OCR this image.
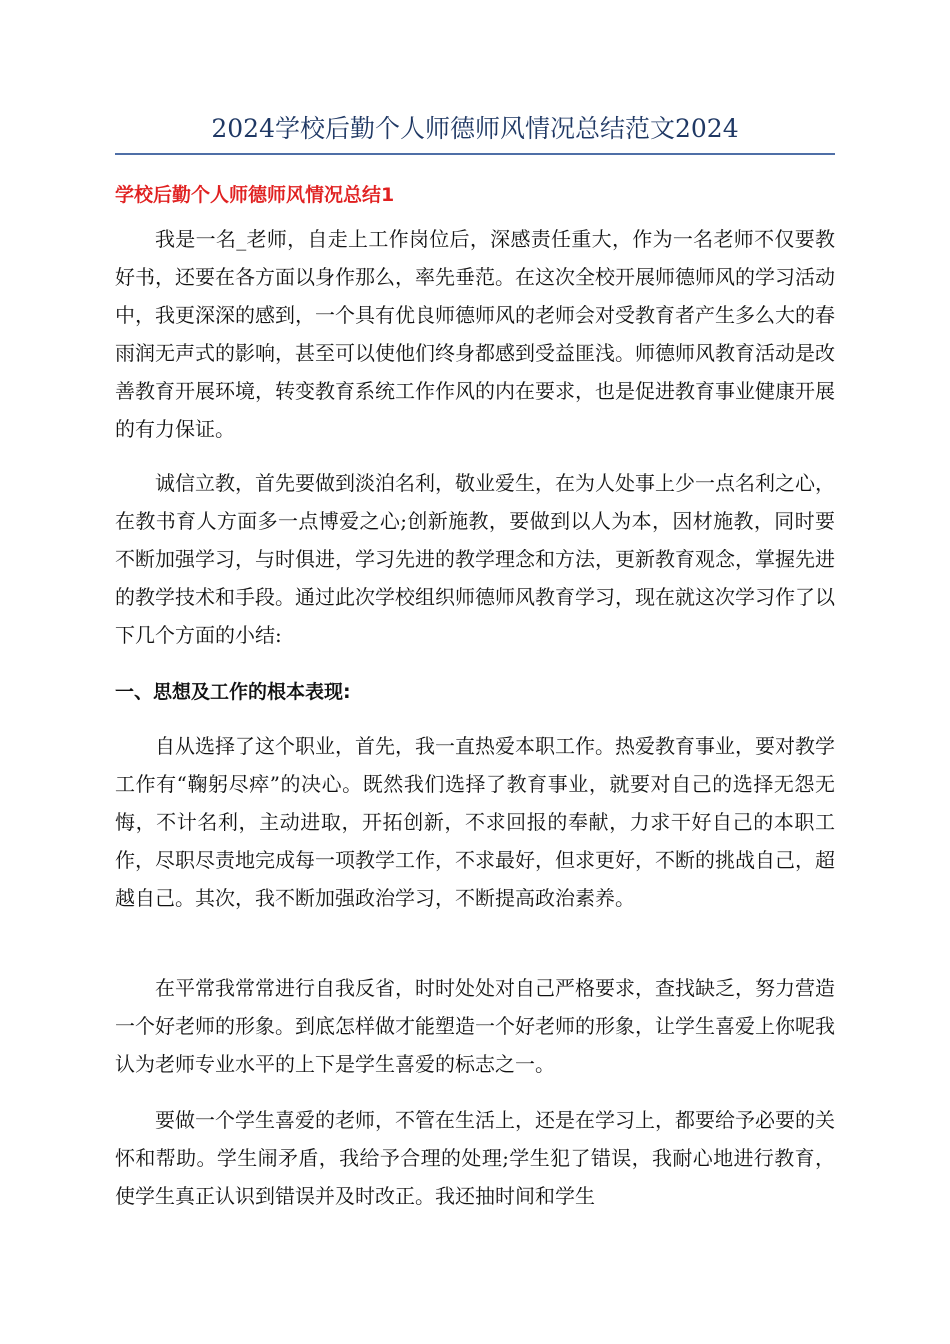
2024学校后勤个人师德师风情况总结范文2024
学校后勤个人师德师风情况总结1

我是一名_老师，自走上工作岗位后，深感责任重大，作为一名老师不仅要教好书，还要在各方面以身作那么，率先垂范。在这次全校开展师德师风的学习活动中，我更深深的感到，一个具有优良师德师风的老师会对受教育者产生多么大的春雨润无声式的影响，甚至可以使他们终身都感到受益匪浅。师德师风教育活动是改善教育开展环境，转变教育系统工作作风的内在要求，也是促进教育事业健康开展的有力保证。

诚信立教，首先要做到淡泊名利，敬业爱生，在为人处事上少一点名利之心，在教书育人方面多一点博爱之心;创新施教，要做到以人为本，因材施教，同时要不断加强学习，与时俱进，学习先进的教学理念和方法，更新教育观念，掌握先进的教学技术和手段。通过此次学校组织师德师风教育学习，现在就这次学习作了以下几个方面的小结:

一、思想及工作的根本表现:

自从选择了这个职业，首先，我一直热爱本职工作。热爱教育事业，要对教学工作有“鞠躬尽瘁”的决心。既然我们选择了教育事业，就要对自己的选择无怨无悔，不计名利，主动进取，开拓创新，不求回报的奉献，力求干好自己的本职工作，尽职尽责地完成每一项教学工作，不求最好，但求更好，不断的挑战自己，超越自己。其次，我不断加强政治学习，不断提高政治素养。

在平常我常常进行自我反省，时时处处对自己严格要求，查找缺乏，努力营造一个好老师的形象。到底怎样做才能塑造一个好老师的形象，让学生喜爱上你呢我认为老师专业水平的上下是学生喜爱的标志之一。

要做一个学生喜爱的老师，不管在生活上，还是在学习上，都要给予必要的关怀和帮助。学生闹矛盾，我给予合理的处理;学生犯了错误，我耐心地进行教育，使学生真正认识到错误并及时改正。我还抽时间和学生
